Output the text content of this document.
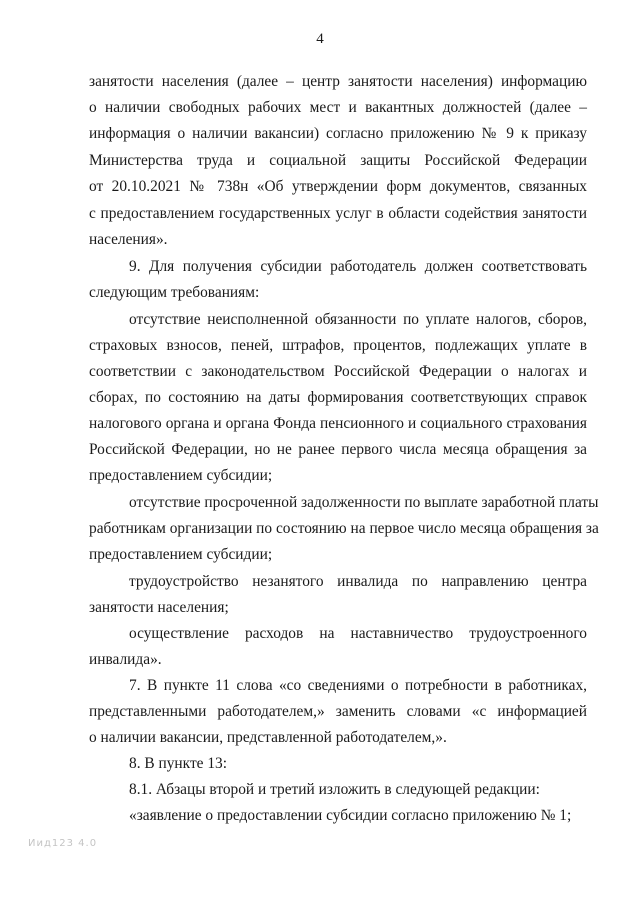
4
занятости населения (далее – центр занятости населения) информацию
о наличии свободных рабочих мест и вакантных должностей (далее –
информация о наличии вакансии) согласно приложению № 9 к приказу
Министерства труда и социальной защиты Российской Федерации
от 20.10.2021 № 738н «Об утверждении форм документов, связанных
с предоставлением государственных услуг в области содействия занятости
населения».
9. Для получения субсидии работодатель должен соответствовать
следующим требованиям:
отсутствие неисполненной обязанности по уплате налогов, сборов,
страховых взносов, пеней, штрафов, процентов, подлежащих уплате в
соответствии с законодательством Российской Федерации о налогах и
сборах, по состоянию на даты формирования соответствующих справок
налогового органа и органа Фонда пенсионного и социального страхования
Российской Федерации, но не ранее первого числа месяца обращения за
предоставлением субсидии;
отсутствие просроченной задолженности по выплате заработной платы
работникам организации по состоянию на первое число месяца обращения за
предоставлением субсидии;
трудоустройство незанятого инвалида по направлению центра
занятости населения;
осуществление расходов на наставничество трудоустроенного
инвалида».
7. В пункте 11 слова «со сведениями о потребности в работниках,
представленными работодателем,» заменить словами «с информацией
о наличии вакансии, представленной работодателем,».
8. В пункте 13:
8.1. Абзацы второй и третий изложить в следующей редакции:
«заявление о предоставлении субсидии согласно приложению № 1;
Иид123 4.0
